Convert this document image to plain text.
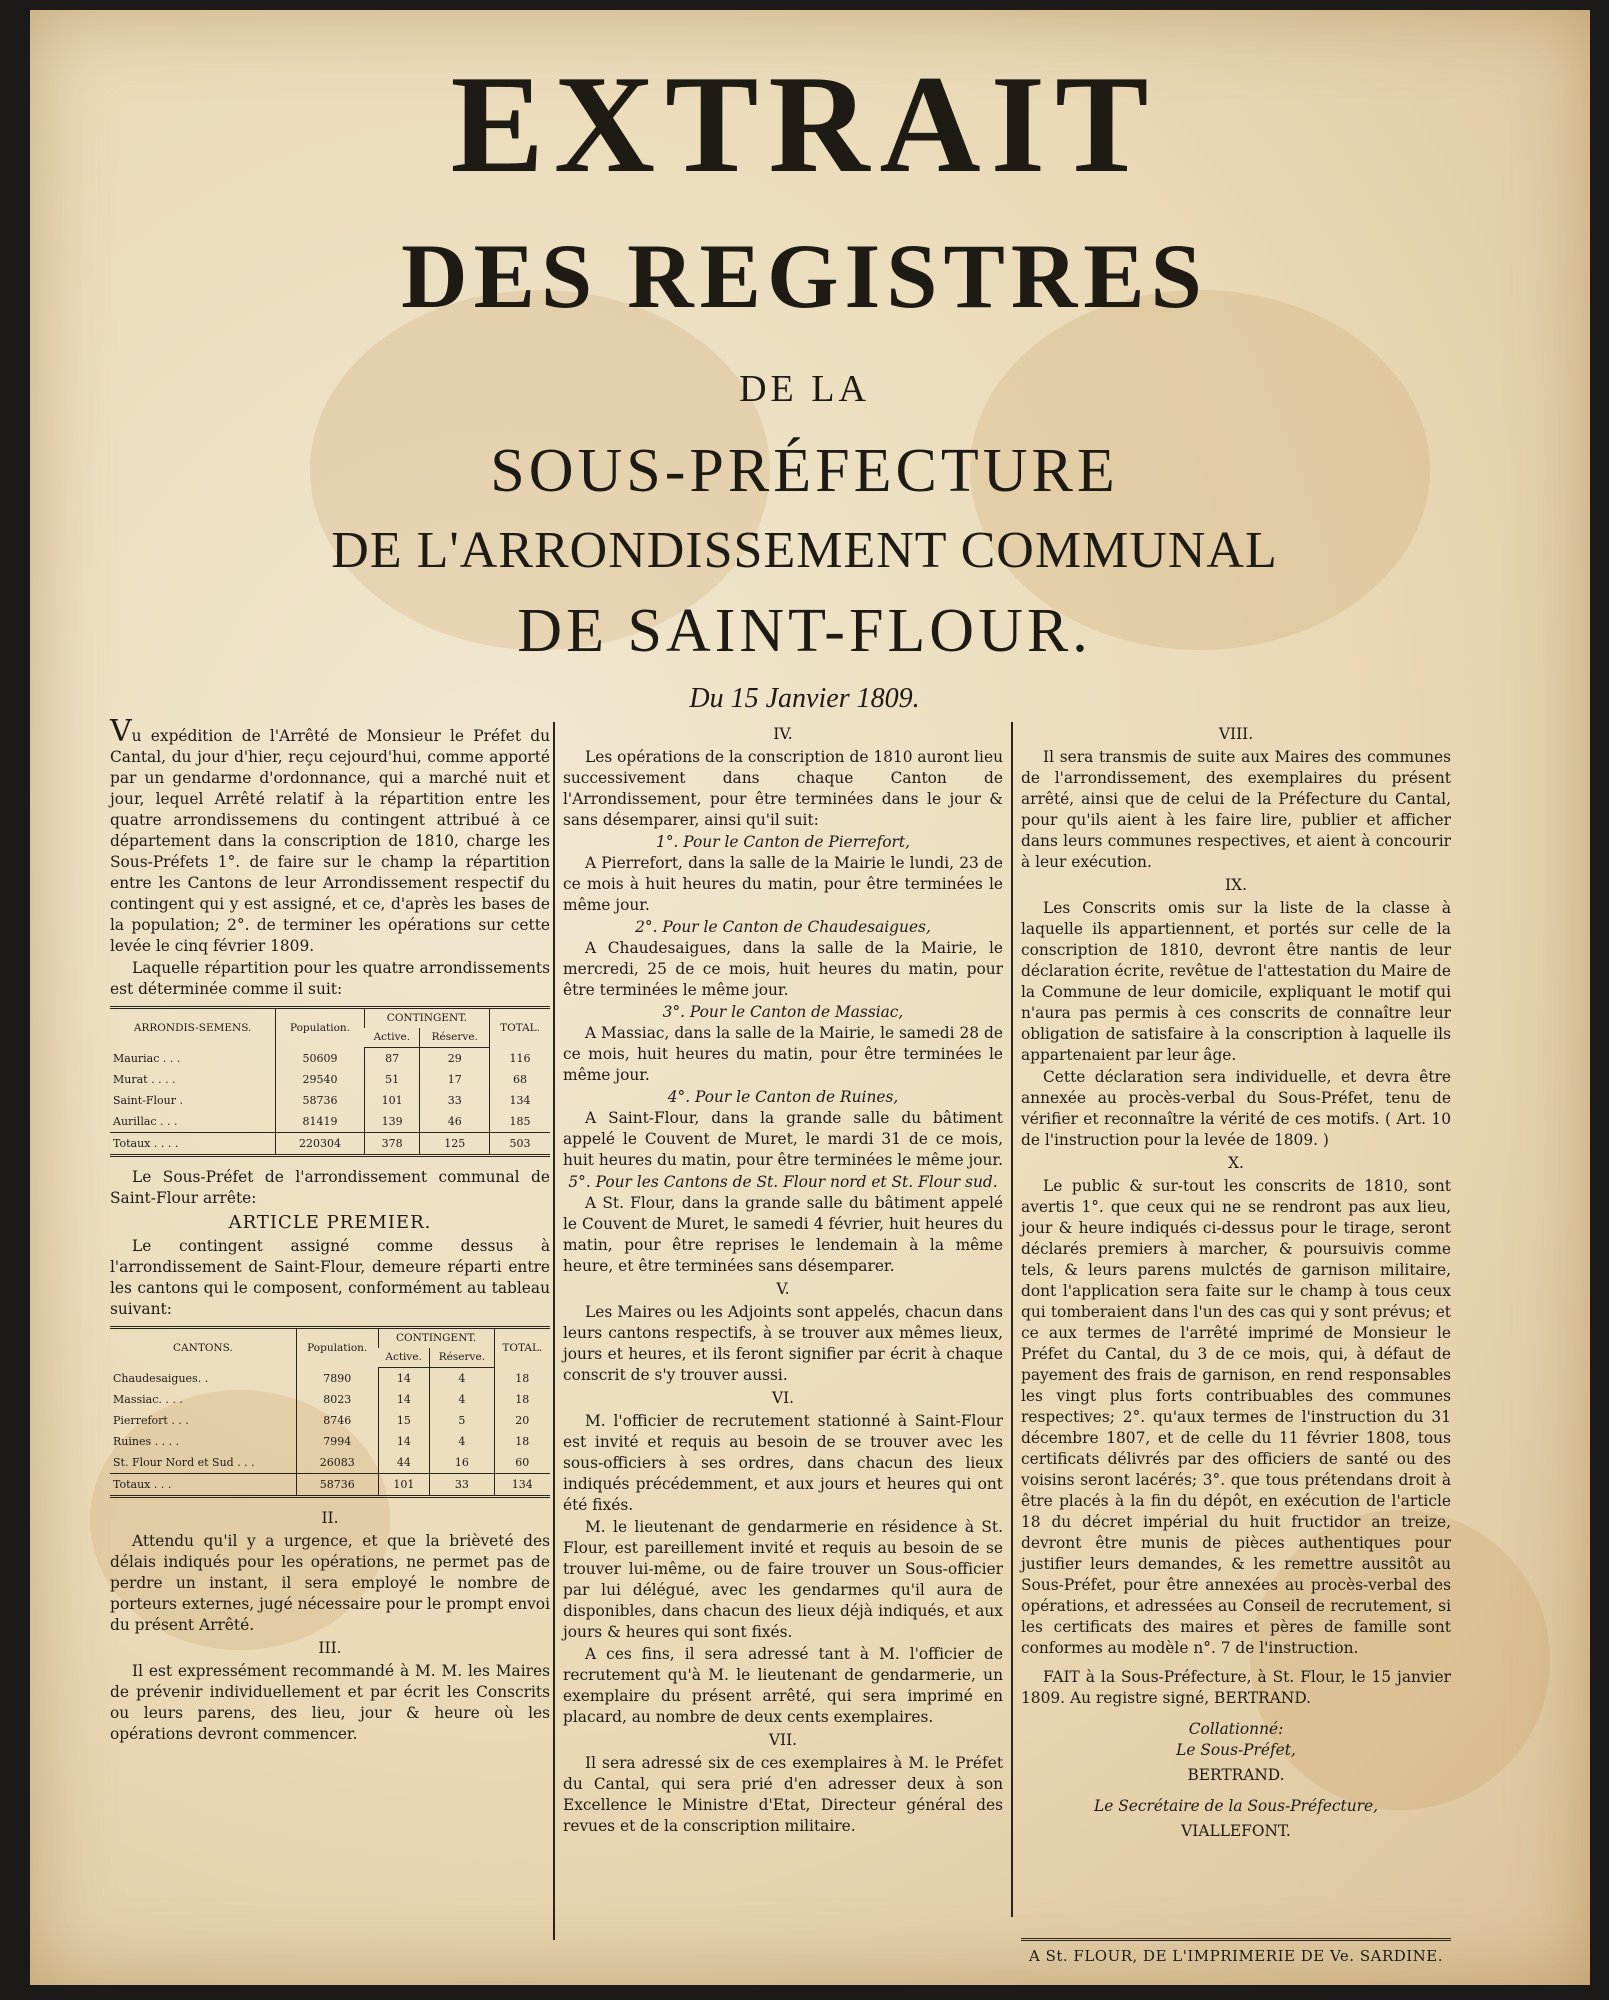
EXTRAIT
DES REGISTRES
DE LA
SOUS-PRÉFECTURE
DE L'ARRONDISSEMENT COMMUNAL
DE SAINT-FLOUR.
Du 15 Janvier 1809.

Vu expédition de l'Arrêté de Monsieur le Préfet du Cantal, du jour d'hier, reçu cejourd'hui, comme apporté par un gendarme d'ordonnance, qui a marché nuit et jour, lequel Arrêté relatif à la répartition entre les quatre arrondissemens du contingent attribué à ce département dans la conscription de 1810, charge les Sous-Préfets 1°. de faire sur le champ la répartition entre les Cantons de leur Arrondissement respectif du contingent qui y est assigné, et ce, d'après les bases de la population; 2°. de terminer les opérations sur cette levée le cinq février 1809.

Laquelle répartition pour les quatre arrondissements est déterminée comme il suit:

ARRONDIS-SEMENS.	Population.	CONTINGENT.		TOTAL.
		Active.	Réserve.	
Mauriac . . .	50609	87	29	116
Murat . . . .	29540	51	17	68
Saint-Flour .	58736	101	33	134
Aurillac . . .	81419	139	46	185
Totaux . . . .	220304	378	125	503

Le Sous-Préfet de l'arrondissement communal de Saint-Flour arrête:

ARTICLE PREMIER.

Le contingent assigné comme dessus à l'arrondissement de Saint-Flour, demeure réparti entre les cantons qui le composent, conformément au tableau suivant:

CANTONS.	Population.	CONTINGENT.		TOTAL.
		Active.	Réserve.	
Chaudesaigues. .	7890	14	4	18
Massiac. . . .	8023	14	4	18
Pierrefort . . .	8746	15	5	20
Ruines . . . .	7994	14	4	18
St. Flour Nord et Sud . . .	26083	44	16	60
Totaux . . .	58736	101	33	134
II.

Attendu qu'il y a urgence, et que la brièveté des délais indiqués pour les opérations, ne permet pas de perdre un instant, il sera employé le nombre de porteurs externes, jugé nécessaire pour le prompt envoi du présent Arrêté.

III.

Il est expressément recommandé à M. M. les Maires de prévenir individuellement et par écrit les Conscrits ou leurs parens, des lieu, jour & heure où les opérations devront commencer.

IV.

Les opérations de la conscription de 1810 auront lieu successivement dans chaque Canton de l'Arrondissement, pour être terminées dans le jour & sans désemparer, ainsi qu'il suit:

1°. Pour le Canton de Pierrefort,

A Pierrefort, dans la salle de la Mairie le lundi, 23 de ce mois à huit heures du matin, pour être terminées le même jour.

2°. Pour le Canton de Chaudesaigues,

A Chaudesaigues, dans la salle de la Mairie, le mercredi, 25 de ce mois, huit heures du matin, pour être terminées le même jour.

3°. Pour le Canton de Massiac,

A Massiac, dans la salle de la Mairie, le samedi 28 de ce mois, huit heures du matin, pour être terminées le même jour.

4°. Pour le Canton de Ruines,

A Saint-Flour, dans la grande salle du bâtiment appelé le Couvent de Muret, le mardi 31 de ce mois, huit heures du matin, pour être terminées le même jour.

5°. Pour les Cantons de St. Flour nord et St. Flour sud.

A St. Flour, dans la grande salle du bâtiment appelé le Couvent de Muret, le samedi 4 février, huit heures du matin, pour être reprises le lendemain à la même heure, et être terminées sans désemparer.

V.

Les Maires ou les Adjoints sont appelés, chacun dans leurs cantons respectifs, à se trouver aux mêmes lieux, jours et heures, et ils feront signifier par écrit à chaque conscrit de s'y trouver aussi.

VI.

M. l'officier de recrutement stationné à Saint-Flour est invité et requis au besoin de se trouver avec les sous-officiers à ses ordres, dans chacun des lieux indiqués précédemment, et aux jours et heures qui ont été fixés.

M. le lieutenant de gendarmerie en résidence à St. Flour, est pareillement invité et requis au besoin de se trouver lui-même, ou de faire trouver un Sous-officier par lui délégué, avec les gendarmes qu'il aura de disponibles, dans chacun des lieux déjà indiqués, et aux jours & heures qui sont fixés.

A ces fins, il sera adressé tant à M. l'officier de recrutement qu'à M. le lieutenant de gendarmerie, un exemplaire du présent arrêté, qui sera imprimé en placard, au nombre de deux cents exemplaires.

VII.

Il sera adressé six de ces exemplaires à M. le Préfet du Cantal, qui sera prié d'en adresser deux à son Excellence le Ministre d'Etat, Directeur général des revues et de la conscription militaire.

VIII.

Il sera transmis de suite aux Maires des communes de l'arrondissement, des exemplaires du présent arrêté, ainsi que de celui de la Préfecture du Cantal, pour qu'ils aient à les faire lire, publier et afficher dans leurs communes respectives, et aient à concourir à leur exécution.

IX.

Les Conscrits omis sur la liste de la classe à laquelle ils appartiennent, et portés sur celle de la conscription de 1810, devront être nantis de leur déclaration écrite, revêtue de l'attestation du Maire de la Commune de leur domicile, expliquant le motif qui n'aura pas permis à ces conscrits de connaître leur obligation de satisfaire à la conscription à laquelle ils appartenaient par leur âge.

Cette déclaration sera individuelle, et devra être annexée au procès-verbal du Sous-Préfet, tenu de vérifier et reconnaître la vérité de ces motifs. ( Art. 10 de l'instruction pour la levée de 1809. )

X.

Le public & sur-tout les conscrits de 1810, sont avertis 1°. que ceux qui ne se rendront pas aux lieu, jour & heure indiqués ci-dessus pour le tirage, seront déclarés premiers à marcher, & poursuivis comme tels, & leurs parens mulctés de garnison militaire, dont l'application sera faite sur le champ à tous ceux qui tomberaient dans l'un des cas qui y sont prévus; et ce aux termes de l'arrêté imprimé de Monsieur le Préfet du Cantal, du 3 de ce mois, qui, à défaut de payement des frais de garnison, en rend responsables les vingt plus forts contribuables des communes respectives; 2°. qu'aux termes de l'instruction du 31 décembre 1807, et de celle du 11 février 1808, tous certificats délivrés par des officiers de santé ou des voisins seront lacérés; 3°. que tous prétendans droit à être placés à la fin du dépôt, en exécution de l'article 18 du décret impérial du huit fructidor an treize, devront être munis de pièces authentiques pour justifier leurs demandes, & les remettre aussitôt au Sous-Préfet, pour être annexées au procès-verbal des opérations, et adressées au Conseil de recrutement, si les certificats des maires et pères de famille sont conformes au modèle n°. 7 de l'instruction.

FAIT à la Sous-Préfecture, à St. Flour, le 15 janvier 1809. Au registre signé, BERTRAND.

Collationné:
Le Sous-Préfet,
BERTRAND.
Le Secrétaire de la Sous-Préfecture,
VIALLEFONT.
A St. FLOUR, DE L'IMPRIMERIE DE Ve. SARDINE.
